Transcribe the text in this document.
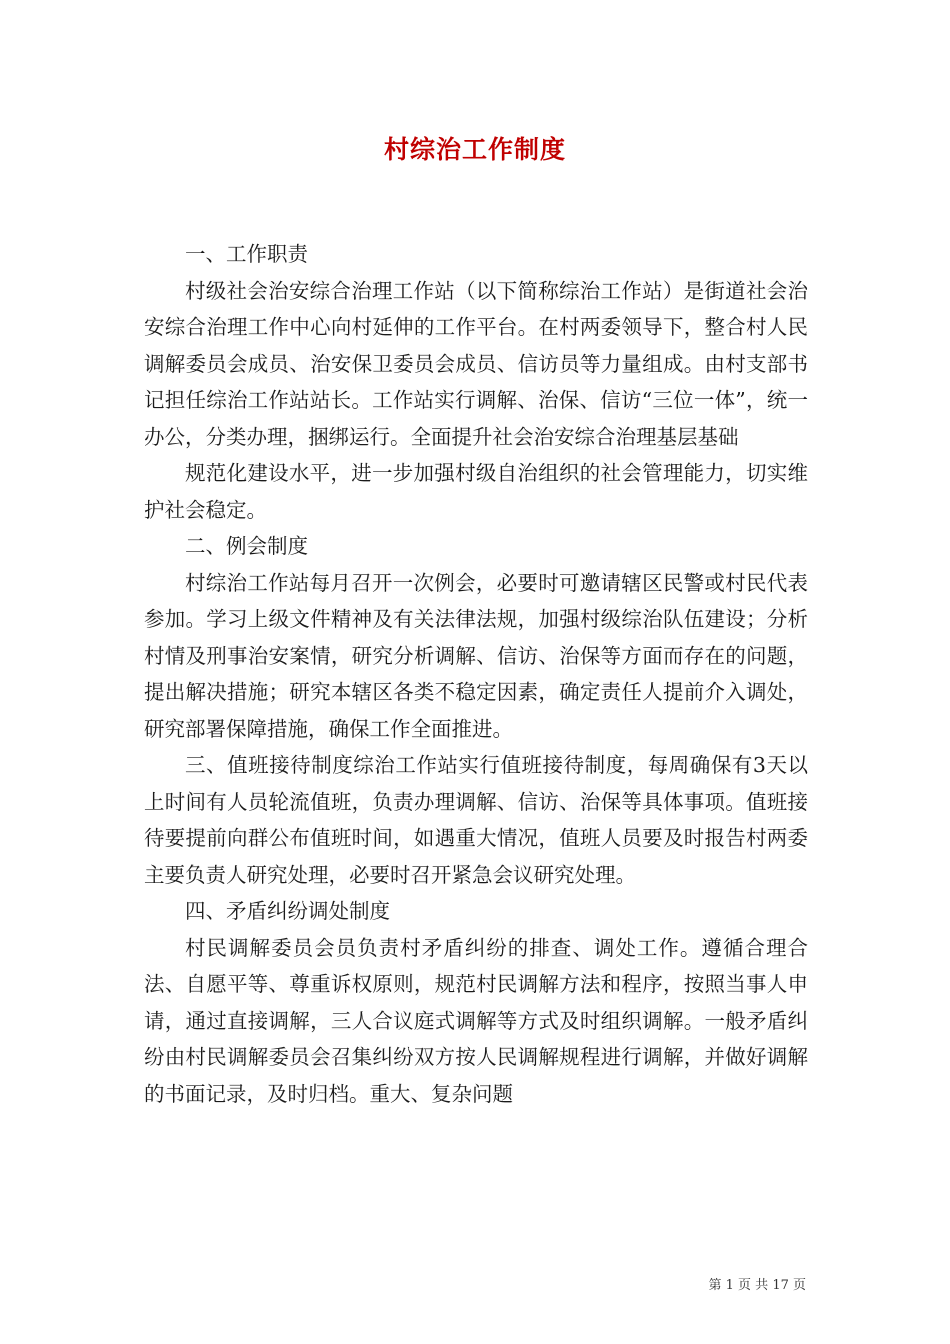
村综治工作制度

一、工作职责

村级社会治安综合治理工作站（以下简称综治工作站）是街道社会治安综合治理工作中心向村延伸的工作平台。在村两委领导下，整合村人民调解委员会成员、治安保卫委员会成员、信访员等力量组成。由村支部书记担任综治工作站站长。工作站实行调解、治保、信访“三位一体”，统一办公，分类办理，捆绑运行。全面提升社会治安综合治理基层基础

规范化建设水平，进一步加强村级自治组织的社会管理能力，切实维护社会稳定。

二、例会制度

村综治工作站每月召开一次例会，必要时可邀请辖区民警或村民代表参加。学习上级文件精神及有关法律法规，加强村级综治队伍建设；分析村情及刑事治安案情，研究分析调解、信访、治保等方面而存在的问题，提出解决措施；研究本辖区各类不稳定因素，确定责任人提前介入调处，研究部署保障措施，确保工作全面推进。

三、值班接待制度综治工作站实行值班接待制度，每周确保有3天以上时间有人员轮流值班，负责办理调解、信访、治保等具体事项。值班接待要提前向群公布值班时间，如遇重大情况，值班人员要及时报告村两委主要负责人研究处理，必要时召开紧急会议研究处理。

四、矛盾纠纷调处制度

村民调解委员会员负责村矛盾纠纷的排查、调处工作。遵循合理合法、自愿平等、尊重诉权原则，规范村民调解方法和程序，按照当事人申请，通过直接调解，三人合议庭式调解等方式及时组织调解。一般矛盾纠纷由村民调解委员会召集纠纷双方按人民调解规程进行调解，并做好调解的书面记录，及时归档。重大、复杂问题

第 1 页 共 17 页
